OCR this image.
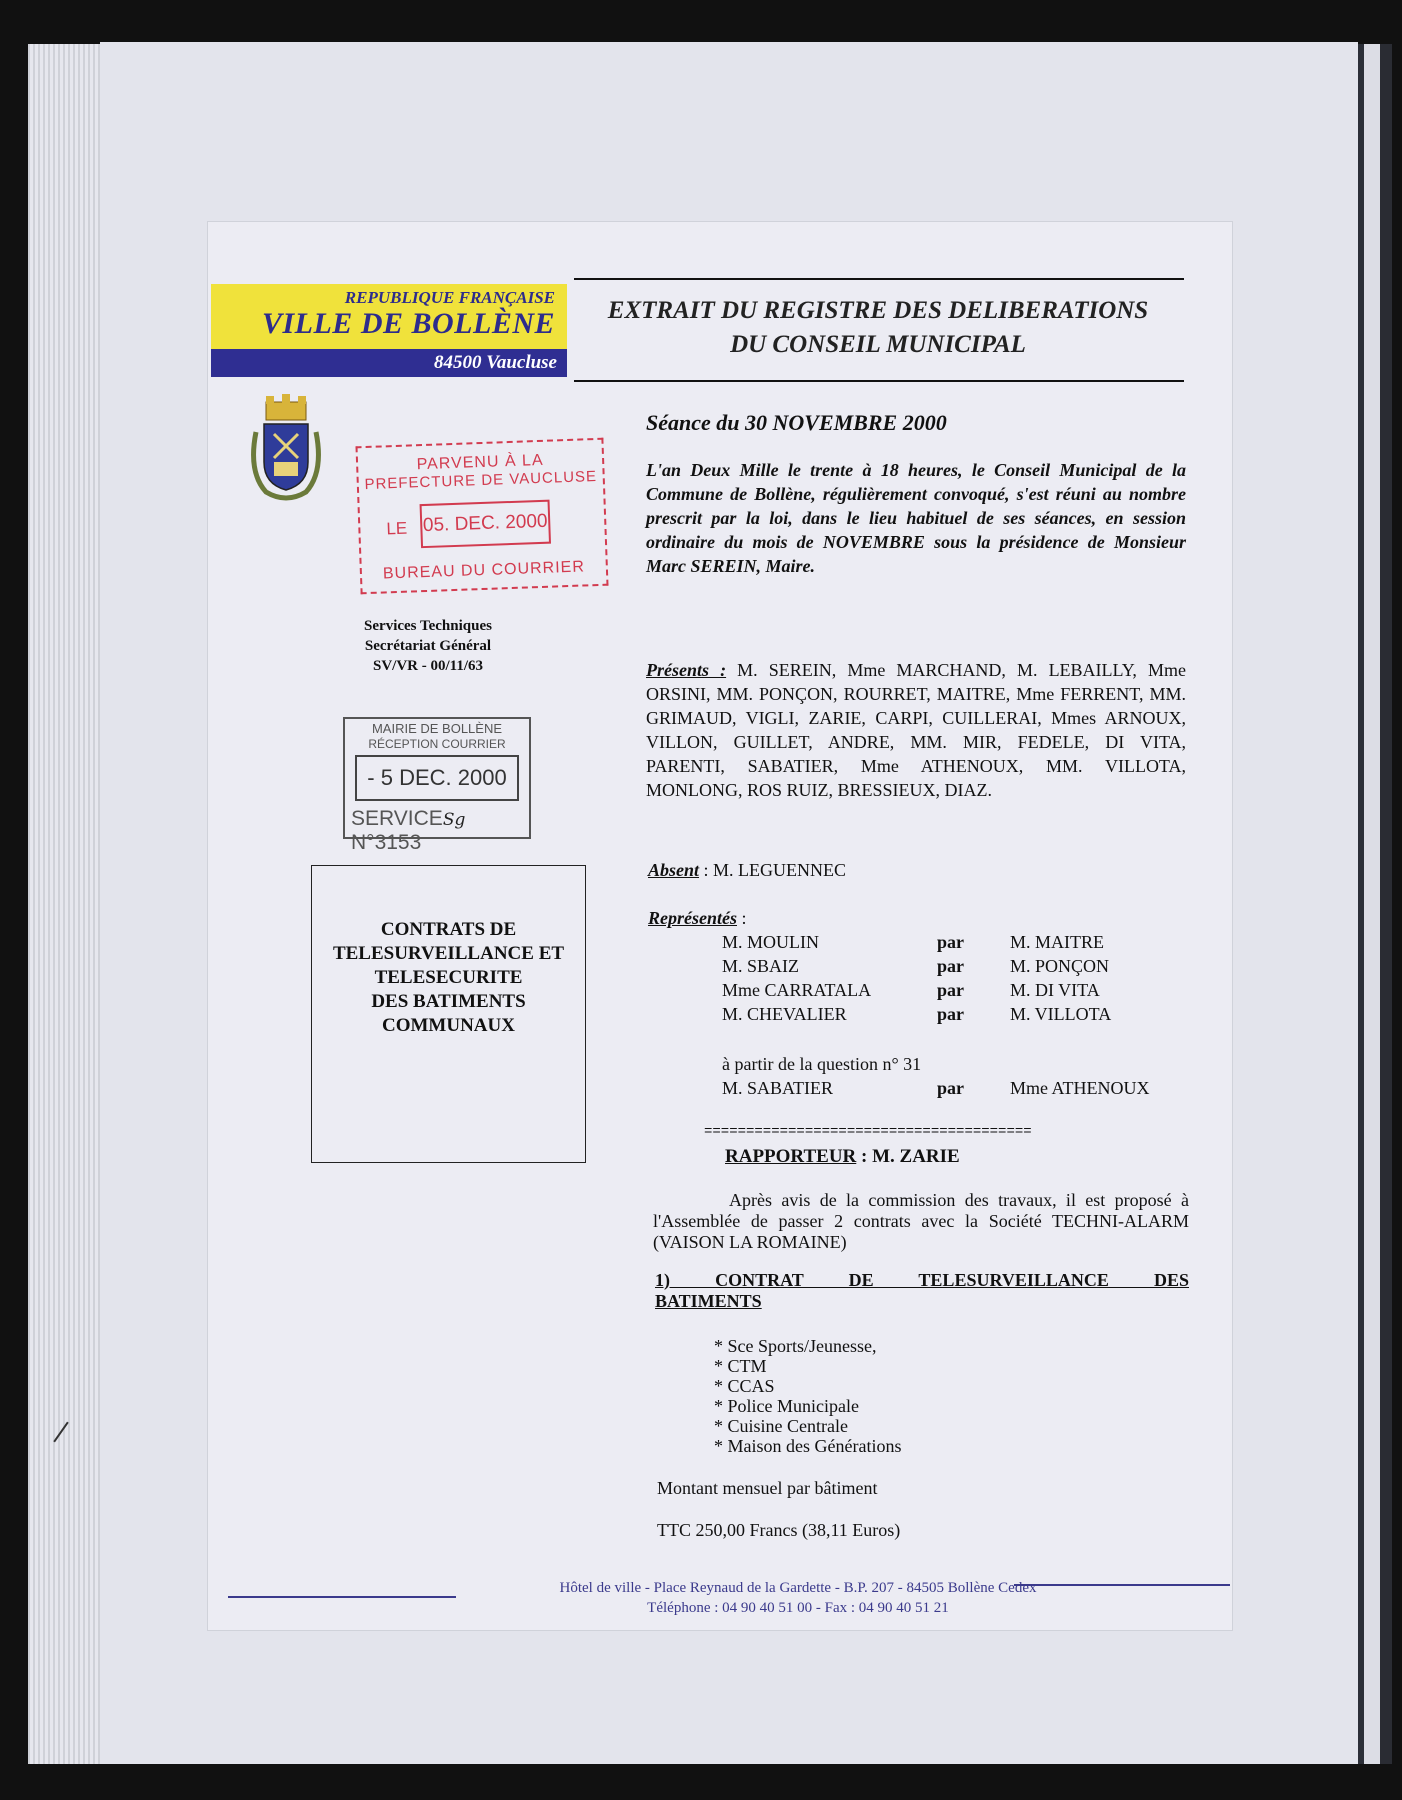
REPUBLIQUE FRANÇAISE
VILLE DE BOLLÈNE
84500 Vaucluse
EXTRAIT DU REGISTRE DES DELIBERATIONS
DU CONSEIL MUNICIPAL
PARVENU À LA
PREFECTURE DE VAUCLUSE
LE 05. DEC. 2000
BUREAU DU COURRIER
Services Techniques
Secrétariat Général
SV/VR - 00/11/63
MAIRIE DE BOLLÈNE
RÉCEPTION COURRIER
- 5 DEC. 2000
SERVICESg N°3153
CONTRATS DE
TELESURVEILLANCE ET
TELESECURITE
DES BATIMENTS
COMMUNAUX
Séance du 30 NOVEMBRE 2000
L'an Deux Mille le trente à 18 heures, le Conseil Municipal de la Commune de Bollène, régulièrement convoqué, s'est réuni au nombre prescrit par la loi, dans le lieu habituel de ses séances, en session ordinaire du mois de NOVEMBRE sous la présidence de Monsieur Marc SEREIN, Maire.
Présents : M. SEREIN, Mme MARCHAND, M. LEBAILLY, Mme ORSINI, MM. PONÇON, ROURRET, MAITRE, Mme FERRENT, MM. GRIMAUD, VIGLI, ZARIE, CARPI, CUILLERAI, Mmes ARNOUX, VILLON, GUILLET, ANDRE, MM. MIR, FEDELE, DI VITA, PARENTI, SABATIER, Mme ATHENOUX, MM. VILLOTA, MONLONG, ROS RUIZ, BRESSIEUX, DIAZ.
Absent : M. LEGUENNEC
Représentés :
M. MOULIN	par	M. MAITRE
M. SBAIZ	par	M. PONÇON
Mme CARRATALA	par	M. DI VITA
M. CHEVALIER	par	M. VILLOTA
à partir de la question n° 31
M. SABATIER	par	Mme ATHENOUX
=======================================
RAPPORTEUR : M. ZARIE
Après avis de la commission des travaux, il est proposé à l'Assemblée de passer 2 contrats avec la Société TECHNI-ALARM (VAISON LA ROMAINE)
1) CONTRAT DE TELESURVEILLANCE DES
BATIMENTS
* Sce Sports/Jeunesse,
* CTM
* CCAS
* Police Municipale
* Cuisine Centrale
* Maison des Générations
Montant mensuel par bâtiment
TTC 250,00 Francs (38,11 Euros)
Hôtel de ville - Place Reynaud de la Gardette - B.P. 207 - 84505 Bollène Cedex
Téléphone : 04 90 40 51 00 - Fax : 04 90 40 51 21
